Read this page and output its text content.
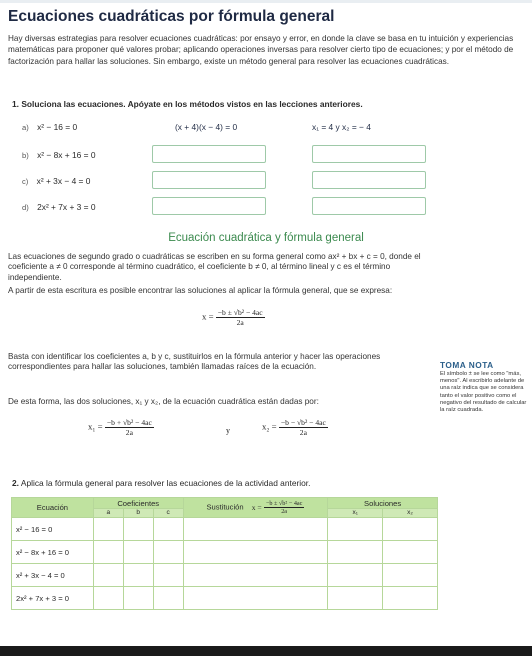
Ecuaciones cuadráticas por fórmula general
Hay diversas estrategias para resolver ecuaciones cuadráticas: por ensayo y error, en donde la clave se basa en tu intuición y experiencias matemáticas para proponer qué valores probar; aplicando operaciones inversas para resolver cierto tipo de ecuaciones; y por el método de factorización para hallar las soluciones. Sin embargo, existe un método general para resolver las ecuaciones cuadráticas.
1. Soluciona las ecuaciones. Apóyate en los métodos vistos en las lecciones anteriores.
a) x² − 16 = 0	(x + 4)(x − 4) = 0	x₁ = 4 y x₂ = − 4
b) x² − 8x + 16 = 0
c) x² + 3x − 4 = 0
d) 2x² + 7x + 3 = 0
Ecuación cuadrática y fórmula general
Las ecuaciones de segundo grado o cuadráticas se escriben en su forma general como ax² + bx + c = 0, donde el coeficiente a ≠ 0 corresponde al término cuadrático, el coeficiente b ≠ 0, al término lineal y c es el término independiente.
A partir de esta escritura es posible encontrar las soluciones al aplicar la fórmula general, que se expresa:
$x = \frac{\text{−b ± √b² − 4ac}}{2a}$
Basta con identificar los coeficientes a, b y c, sustituirlos en la fórmula anterior y hacer las operaciones correspondientes para hallar las soluciones, también llamadas raíces de la ecuación.
De esta forma, las dos soluciones, x₁ y x₂, de la ecuación cuadrática están dadas por:
$x_1 = \frac{\text{−b + √b² − 4ac}}{2a}$	y	$x_2 = \frac{\text{−b − √b² − 4ac}}{2a}$
TOMA NOTA
El símbolo ± se lee como "más, menos". Al escribirlo adelante de una raíz indica que se considera tanto el valor positivo como el negativo del resultado de calcular la raíz cuadrada.
2. Aplica la fórmula general para resolver las ecuaciones de la actividad anterior.
Ecuación	Coeficientes			Sustitución $x = \frac{\text{−b ± √b² − 4ac}}{2a}$	Soluciones	
	a	b	c		x₁	x₂
x² − 16 = 0						
x² − 8x + 16 = 0						
x² + 3x − 4 = 0						
2x² + 7x + 3 = 0						
